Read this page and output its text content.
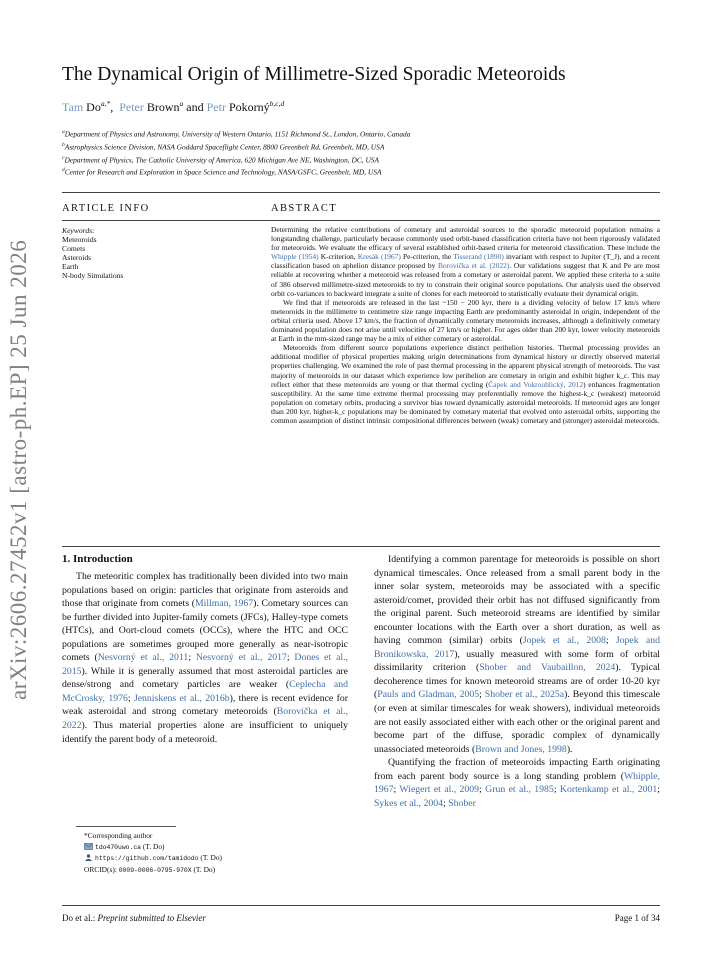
arXiv:2606.27452v1 [astro-ph.EP] 25 Jun 2026
The Dynamical Origin of Millimetre-Sized Sporadic Meteoroids
Tam $Do^{a,*}$,  Peter Brown$^a$ and Petr Pokorný$^{b,c,d}$
$^a$Department of Physics and Astronomy, University of Western Ontario, 1151 Richmond St., London, Ontario, Canada
$^b$Astrophysics Science Division, NASA Goddard Spaceflight Center, 8800 Greenbelt Rd, Greenbelt, MD, USA
$^c$Department of Physics, The Catholic University of America, 620 Michigan Ave NE, Washington, DC, USA
$^d$Center for Research and Exploration in Space Science and Technology, NASA/GSFC, Greenbelt, MD, USA
ARTICLE INFO	ABSTRACT
Keywords:
Meteoroids
Comets
Asteroids
Earth
N-body Simulations

Determining the relative contributions of cometary and asteroidal sources to the sporadic meteoroid population remains a longstanding challenge, particularly because commonly used orbit-based classification criteria have not been rigorously validated for meteoroids. We evaluate the efficacy of several established orbit-based criteria for meteoroid classification. These include the Whipple (1954) K-criterion, Kresák (1967) Pe-criterion, the Tisserand (1890) invariant with respect to Jupiter (T_J), and a recent classification based on aphelion distance proposed by Borovička et al. (2022). Our validations suggest that K and Pe are most reliable at recovering whether a meteoroid was released from a cometary or asteroidal parent. We applied these criteria to a suite of 386 observed millimetre-sized meteoroids to try to constrain their original source populations. Our analysis used the observed orbit co-variances to backward integrate a suite of clones for each meteoroid to statistically evaluate their dynamical origin.

We find that if meteoroids are released in the last ~150 − 200 kyr, there is a dividing velocity of below 17 km/s where meteoroids in the millimetre to centimetre size range impacting Earth are predominantly asteroidal in origin, independent of the orbital criteria used. Above 17 km/s, the fraction of dynamically cometary meteoroids increases, although a definitively cometary dominated population does not arise until velocities of 27 km/s or higher. For ages older than 200 kyr, lower velocity meteoroids at Earth in the mm-sized range may be a mix of either cometary or asteroidal.

Meteoroids from different source populations experience distinct perihelion histories. Thermal processing provides an additional modifier of physical properties making origin determinations from dynamical history or directly observed material properties challenging. We examined the role of past thermal processing in the apparent physical strength of meteoroids. The vast majority of meteoroids in our dataset which experience low perihelion are cometary in origin and exhibit higher k_c. This may reflect either that these meteoroids are young or that thermal cycling (Čapek and Vokrouhlický, 2012) enhances fragmentation susceptibility. At the same time extreme thermal processing may preferentially remove the highest-k_c (weakest) meteoroid population on cometary orbits, producing a survivor bias toward dynamically asteroidal meteoroids. If meteoroid ages are longer than 200 kyr, higher-k_c populations may be dominated by cometary material that evolved onto asteroidal orbits, supporting the common assumption of distinct intrinsic compositional differences between (weak) cometary and (stronger) asteroidal meteoroids.

1. Introduction

The meteoritic complex has traditionally been divided into two main populations based on origin: particles that originate from asteroids and those that originate from comets (Millman, 1967). Cometary sources can be further divided into Jupiter-family comets (JFCs), Halley-type comets (HTCs), and Oort-cloud comets (OCCs), where the HTC and OCC populations are sometimes grouped more generally as near-isotropic comets (Nesvorný et al., 2011; Nesvorný et al., 2017; Dones et al., 2015). While it is generally assumed that most asteroidal particles are dense/strong and cometary particles are weaker (Ceplecha and McCrosky, 1976; Jenniskens et al., 2016b), there is recent evidence for weak asteroidal and strong cometary meteoroids (Borovička et al., 2022). Thus material properties alone are insufficient to uniquely identify the parent body of a meteoroid.

Identifying a common parentage for meteoroids is possible on short dynamical timescales. Once released from a small parent body in the inner solar system, meteoroids may be associated with a specific asteroid/comet, provided their orbit has not diffused significantly from the original parent. Such meteoroid streams are identified by similar encounter locations with the Earth over a short duration, as well as having common (similar) orbits (Jopek et al., 2008; Jopek and Bronikowska, 2017), usually measured with some form of orbital dissimilarity criterion (Shober and Vaubaillon, 2024). Typical decoherence times for known meteoroid streams are of order 10-20 kyr (Pauls and Gladman, 2005; Shober et al., 2025a). Beyond this timescale (or even at similar timescales for weak showers), individual meteoroids are not easily associated either with each other or the original parent and become part of the diffuse, sporadic complex of dynamically unassociated meteoroids (Brown and Jones, 1998).

Quantifying the fraction of meteoroids impacting Earth originating from each parent body source is a long standing problem (Whipple, 1967; Wiegert et al., 2009; Grun et al., 1985; Kortenkamp et al., 2001; Sykes et al., 2004; Shober

*Corresponding author
tdo470uwo.ca (T. Do)
https://github.com/tamidodo (T. Do)
ORCID(s): 0009-0006-0795-970X (T. Do)
Do et al.: Preprint submitted to Elsevier	Page 1 of 34
